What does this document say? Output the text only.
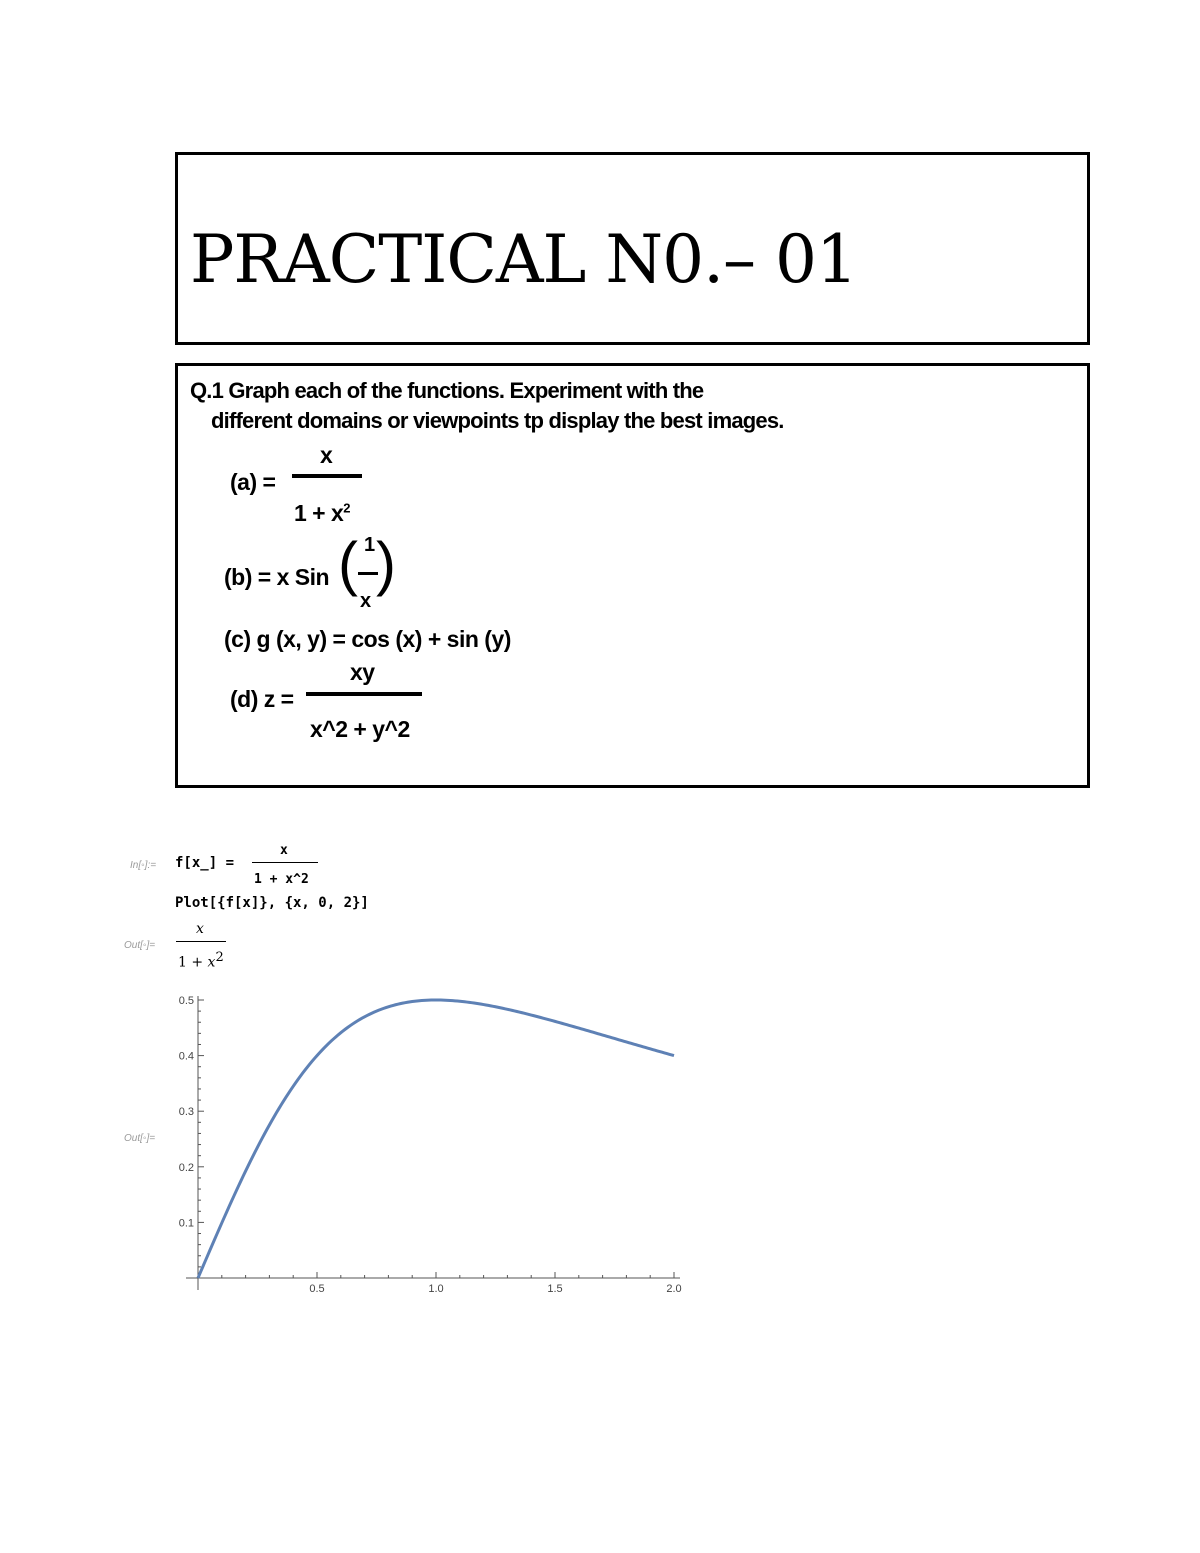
PRACTICAL N0.– 01
Q.1 Graph each of the functions. Experiment with the
different domains or viewpoints tp display the best images.
(a) =
x
$1 + x^2$
(b) = x Sin ( 1
x
)
(c) g (x, y) = cos (x) + sin (y)
(d) z =
xy
x^2 + y^2
In[◦]:= f[x_] =
x
1 + x^2
Plot[{f[x]}, {x, 0, 2}]
Out[◦]=
x
$1 + x^2$
Out[◦]=
0.5	1.0	1.5	2.0
0.1
0.2
0.3
0.4
0.5
